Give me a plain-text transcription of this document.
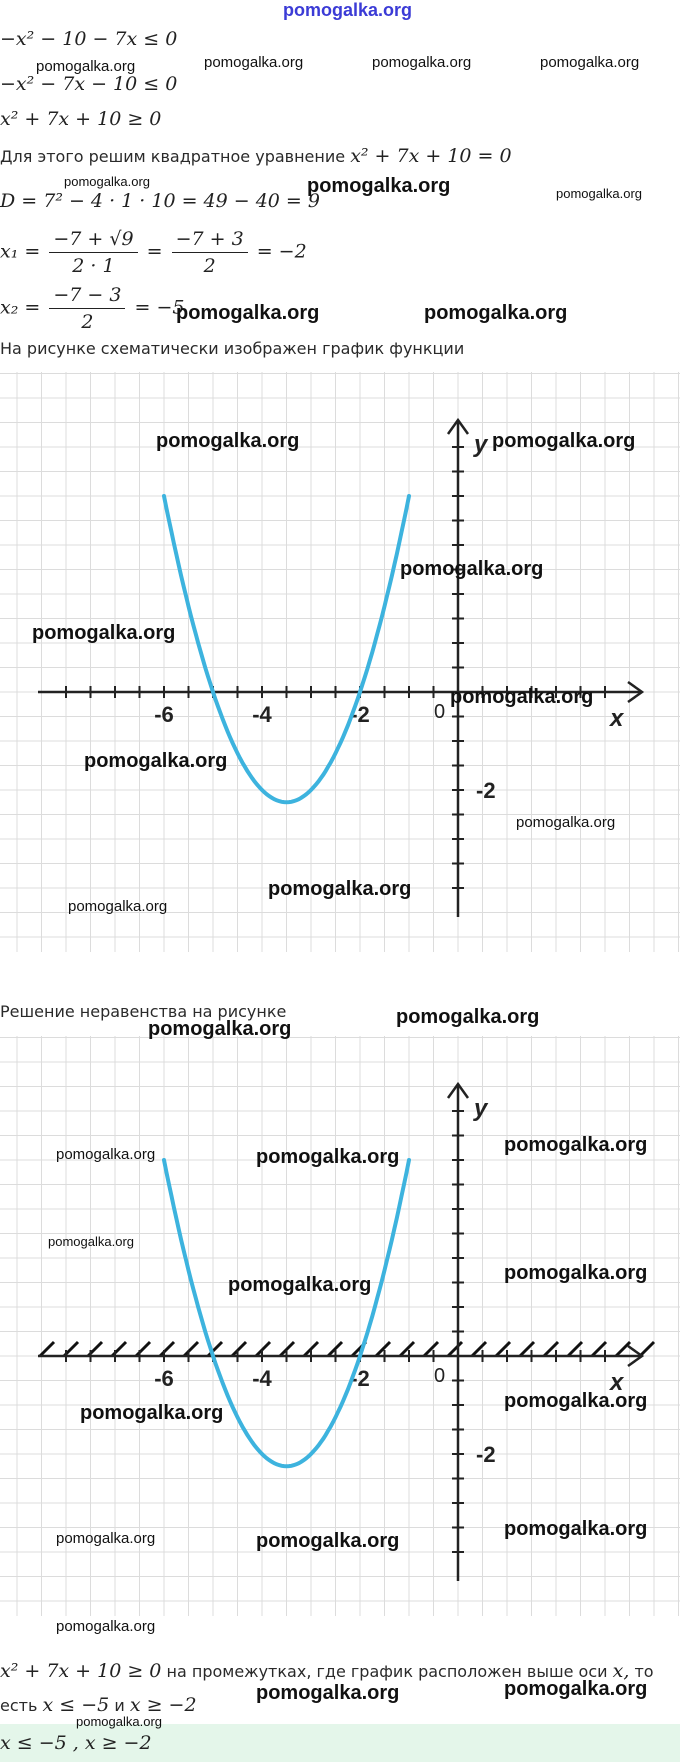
pomogalka.org
−x² − 10 − 7x ≤ 0
−x² − 7x − 10 ≤ 0
x² + 7x + 10 ≥ 0
Для этого решим квадратное уравнение x² + 7x + 10 = 0
D = 7² − 4 · 1 · 10 = 49 − 40 = 9
$x_1 = \frac{-7 + √9}{2 \cdot 1} = \frac{-7 + 3}{2} = -2$
$x_2 = \frac{-7 - 3}{2} = -5$
На рисунке схематически изображен график функции
-6	-4	-2
-2
0	x
y
Решение неравенства на рисунке
-6	-4	-2
-2
0	x
y
x² + 7x + 10 ≥ 0 на промежутках, где график расположен выше оси x, то
есть x ≤ −5 и x ≥ −2
x ≤ −5 , x ≥ −2
pomogalka.org	pomogalka.org	pomogalka.org	pomogalka.org
pomogalka.org	pomogalka.org	pomogalka.org
pomogalka.org	pomogalka.org
pomogalka.org	pomogalka.org
pomogalka.org
pomogalka.org
pomogalka.org
pomogalka.org
pomogalka.org
pomogalka.org
pomogalka.org
pomogalka.org
pomogalka.org
pomogalka.org	pomogalka.org
pomogalka.org
pomogalka.org
pomogalka.org
pomogalka.org
pomogalka.org
pomogalka.org
pomogalka.org	pomogalka.org
pomogalka.org
pomogalka.org
pomogalka.org	pomogalka.org
pomogalka.org
